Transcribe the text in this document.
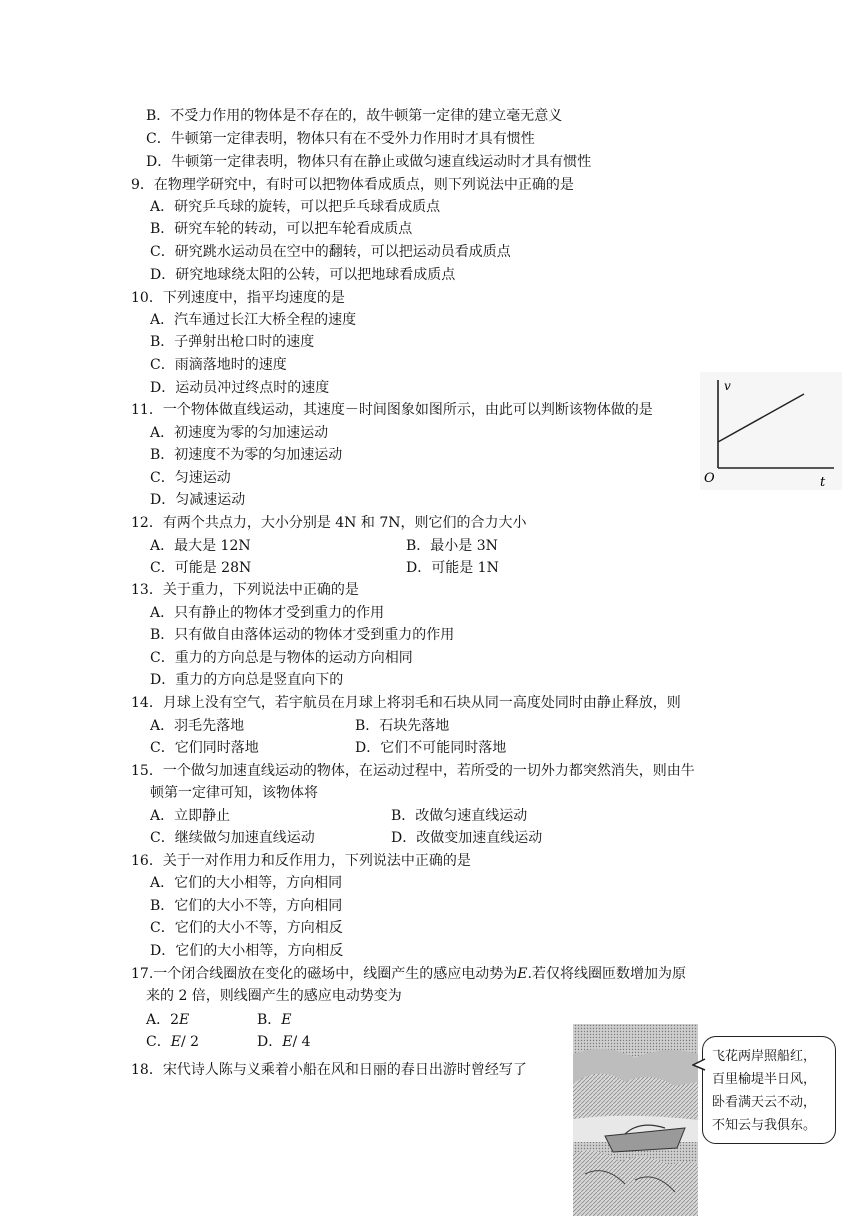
B．不受力作用的物体是不存在的，故牛顿第一定律的建立毫无意义
C．牛顿第一定律表明，物体只有在不受外力作用时才具有惯性
D．牛顿第一定律表明，物体只有在静止或做匀速直线运动时才具有惯性
9．在物理学研究中，有时可以把物体看成质点，则下列说法中正确的是
A．研究乒乓球的旋转，可以把乒乓球看成质点
B．研究车轮的转动，可以把车轮看成质点
C．研究跳水运动员在空中的翻转，可以把运动员看成质点
D．研究地球绕太阳的公转，可以把地球看成质点
10．下列速度中，指平均速度的是
A．汽车通过长江大桥全程的速度
B．子弹射出枪口时的速度
C．雨滴落地时的速度
D．运动员冲过终点时的速度
11．一个物体做直线运动，其速度－时间图象如图所示，由此可以判断该物体做的是
A．初速度为零的匀加速运动
B．初速度不为零的匀加速运动
C．匀速运动
D．匀减速运动
v
O	t
12．有两个共点力，大小分别是 4N 和 7N，则它们的合力大小
A．最大是 12N	B．最小是 3N
C．可能是 28N	D．可能是 1N
13．关于重力，下列说法中正确的是
A．只有静止的物体才受到重力的作用
B．只有做自由落体运动的物体才受到重力的作用
C．重力的方向总是与物体的运动方向相同
D．重力的方向总是竖直向下的
14．月球上没有空气，若宇航员在月球上将羽毛和石块从同一高度处同时由静止释放，则
A．羽毛先落地	B．石块先落地
C．它们同时落地	D．它们不可能同时落地
15．一个做匀加速直线运动的物体，在运动过程中，若所受的一切外力都突然消失，则由牛
顿第一定律可知，该物体将
A．立即静止	B．改做匀速直线运动
C．继续做匀加速直线运动	D．改做变加速直线运动
16．关于一对作用力和反作用力，下列说法中正确的是
A．它们的大小相等，方向相同
B．它们的大小不等，方向相同
C．它们的大小不等，方向相反
D．它们的大小相等，方向相反
17.一个闭合线圈放在变化的磁场中，线圈产生的感应电动势为E.若仅将线圈匝数增加为原
来的 2 倍，则线圈产生的感应电动势变为
A．2E	B．E
C．E/ 2	D．E/ 4
18．宋代诗人陈与义乘着小船在风和日丽的春日出游时曾经写了
飞花两岸照船红，
百里榆堤半日风，
卧看满天云不动，
不知云与我俱东。
